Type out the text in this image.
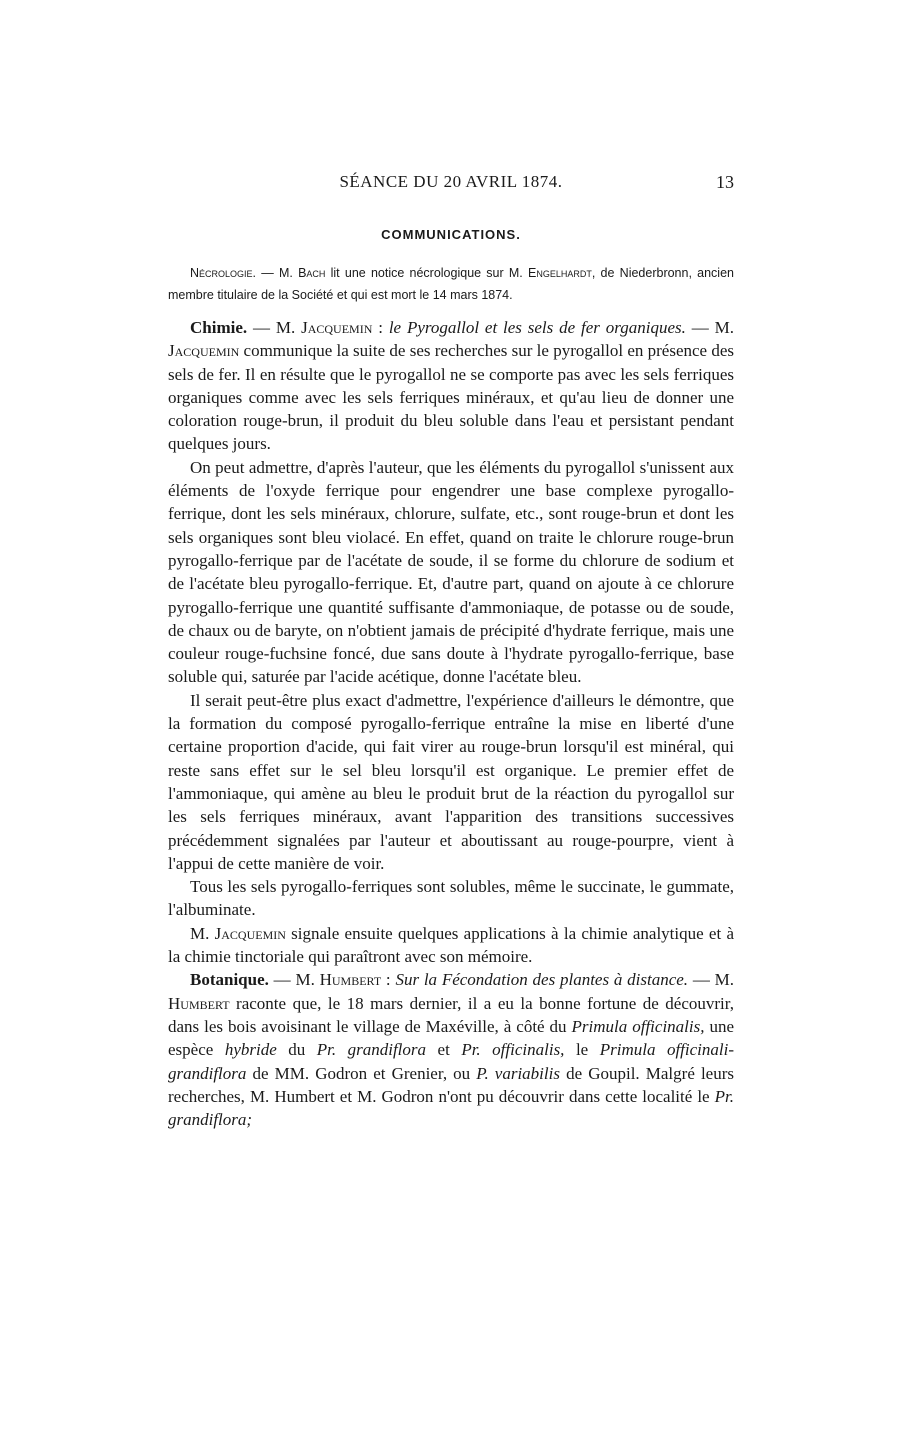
SÉANCE DU 20 AVRIL 1874.	13
COMMUNICATIONS.

Nécrologie. — M. Bach lit une notice nécrologique sur M. Engelhardt, de Niederbronn, ancien membre titulaire de la Société et qui est mort le 14 mars 1874.

Chimie. — M. Jacquemin : le Pyrogallol et les sels de fer organiques. — M. Jacquemin communique la suite de ses recherches sur le pyrogallol en présence des sels de fer. Il en résulte que le pyrogallol ne se comporte pas avec les sels ferriques organiques comme avec les sels ferriques minéraux, et qu'au lieu de donner une coloration rouge-brun, il produit du bleu soluble dans l'eau et persistant pendant quelques jours.

On peut admettre, d'après l'auteur, que les éléments du pyrogallol s'unissent aux éléments de l'oxyde ferrique pour engendrer une base complexe pyrogallo-ferrique, dont les sels minéraux, chlorure, sulfate, etc., sont rouge-brun et dont les sels organiques sont bleu violacé. En effet, quand on traite le chlorure rouge-brun pyrogallo-ferrique par de l'acétate de soude, il se forme du chlorure de sodium et de l'acétate bleu pyrogallo-ferrique. Et, d'autre part, quand on ajoute à ce chlorure pyrogallo-ferrique une quantité suffisante d'ammoniaque, de potasse ou de soude, de chaux ou de baryte, on n'obtient jamais de précipité d'hydrate ferrique, mais une couleur rouge-fuchsine foncé, due sans doute à l'hydrate pyrogallo-ferrique, base soluble qui, saturée par l'acide acétique, donne l'acétate bleu.

Il serait peut-être plus exact d'admettre, l'expérience d'ailleurs le démontre, que la formation du composé pyrogallo-ferrique entraîne la mise en liberté d'une certaine proportion d'acide, qui fait virer au rouge-brun lorsqu'il est minéral, qui reste sans effet sur le sel bleu lorsqu'il est organique. Le premier effet de l'ammoniaque, qui amène au bleu le produit brut de la réaction du pyrogallol sur les sels ferriques minéraux, avant l'apparition des transitions successives précédemment signalées par l'auteur et aboutissant au rouge-pourpre, vient à l'appui de cette manière de voir.

Tous les sels pyrogallo-ferriques sont solubles, même le succinate, le gummate, l'albuminate.

M. Jacquemin signale ensuite quelques applications à la chimie analytique et à la chimie tinctoriale qui paraîtront avec son mémoire.

Botanique. — M. Humbert : Sur la Fécondation des plantes à distance. — M. Humbert raconte que, le 18 mars dernier, il a eu la bonne fortune de découvrir, dans les bois avoisinant le village de Maxéville, à côté du Primula officinalis, une espèce hybride du Pr. grandiflora et Pr. officinalis, le Primula officinali-grandiflora de MM. Godron et Grenier, ou P. variabilis de Goupil. Malgré leurs recherches, M. Humbert et M. Godron n'ont pu découvrir dans cette localité le Pr. grandiflora;
